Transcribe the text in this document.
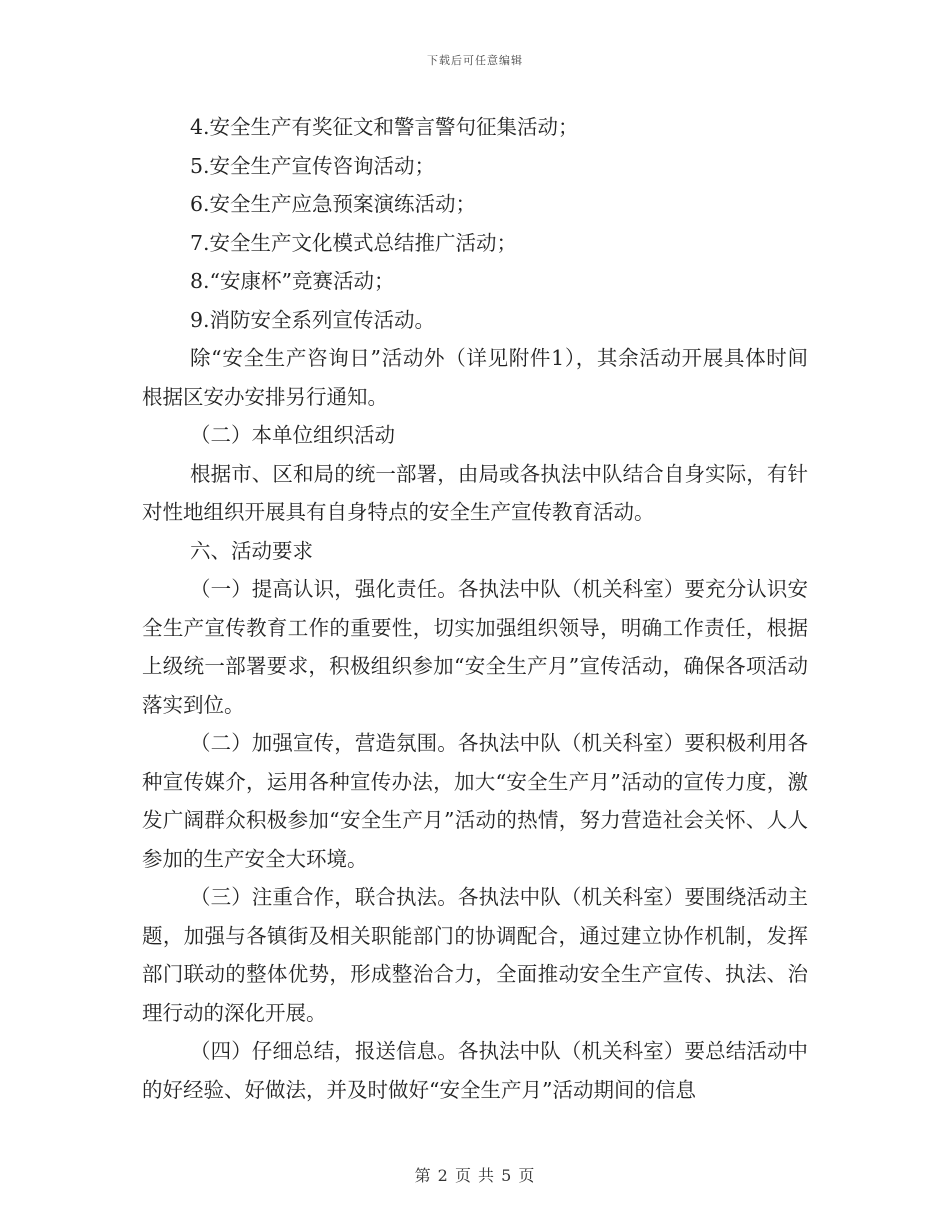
下载后可任意编辑

4.安全生产有奖征文和警言警句征集活动；

5.安全生产宣传咨询活动；

6.安全生产应急预案演练活动；

7.安全生产文化模式总结推广活动；

8.“安康杯”竞赛活动；

9.消防安全系列宣传活动。

除“安全生产咨询日”活动外（详见附件1），其余活动开展具体时间根据区安办安排另行通知。

（二）本单位组织活动

根据市、区和局的统一部署，由局或各执法中队结合自身实际，有针对性地组织开展具有自身特点的安全生产宣传教育活动。

六、活动要求

（一）提高认识，强化责任。各执法中队（机关科室）要充分认识安全生产宣传教育工作的重要性，切实加强组织领导，明确工作责任，根据上级统一部署要求，积极组织参加“安全生产月”宣传活动，确保各项活动落实到位。

（二）加强宣传，营造氛围。各执法中队（机关科室）要积极利用各种宣传媒介，运用各种宣传办法，加大“安全生产月”活动的宣传力度，激发广阔群众积极参加“安全生产月”活动的热情，努力营造社会关怀、人人参加的生产安全大环境。

（三）注重合作，联合执法。各执法中队（机关科室）要围绕活动主题，加强与各镇街及相关职能部门的协调配合，通过建立协作机制，发挥部门联动的整体优势，形成整治合力，全面推动安全生产宣传、执法、治理行动的深化开展。

（四）仔细总结，报送信息。各执法中队（机关科室）要总结活动中的好经验、好做法，并及时做好“安全生产月”活动期间的信息

第 2 页 共 5 页
